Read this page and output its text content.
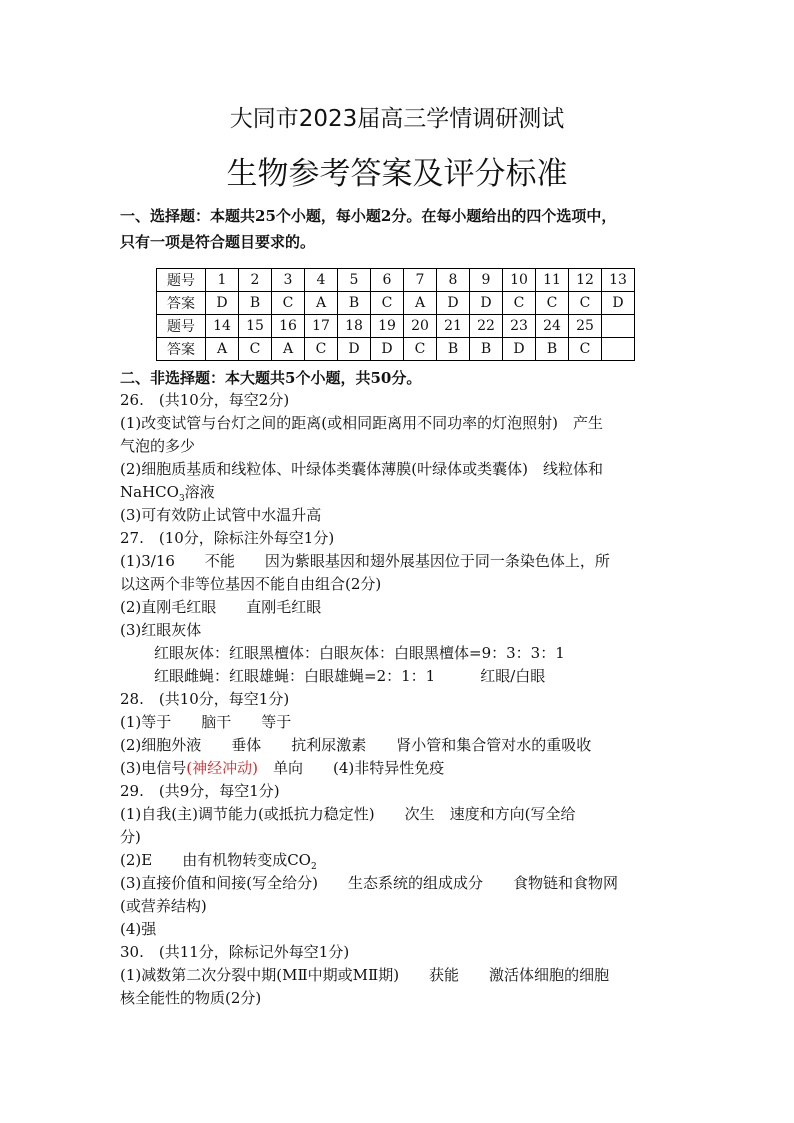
大同市2023届高三学情调研测试
生物参考答案及评分标准
一、选择题：本题共25个小题，每小题2分。在每小题给出的四个选项中，
只有一项是符合题目要求的。
题号	1	2	3	4	5	6	7	8	9	10	11	12	13
答案	D	B	C	A	B	C	A	D	D	C	C	C	D
题号	14	15	16	17	18	19	20	21	22	23	24	25	
答案	A	C	A	C	D	D	C	B	B	D	B	C	
二、非选择题：本大题共5个小题，共50分。
26.　(共10分，每空2分)
(1)改变试管与台灯之间的距离(或相同距离用不同功率的灯泡照射)　产生
气泡的多少
(2)细胞质基质和线粒体、叶绿体类囊体薄膜(叶绿体或类囊体)　线粒体和
NaHCO$_3$溶液
(3)可有效防止试管中水温升高
27.　(10分，除标注外每空1分)
(1)3/16　　不能　　因为紫眼基因和翅外展基因位于同一条染色体上，所
以这两个非等位基因不能自由组合(2分)
(2)直刚毛红眼　　直刚毛红眼
(3)红眼灰体
红眼灰体：红眼黑檀体：白眼灰体：白眼黑檀体=9：3：3：1
红眼雌蝇：红眼雄蝇：白眼雄蝇=2：1：1　　　红眼/白眼
28.　(共10分，每空1分)
(1)等于　　脑干　　等于
(2)细胞外液　　垂体　　抗利尿激素　　肾小管和集合管对水的重吸收
(3)电信号(神经冲动)　单向　　(4)非特异性免疫
29.　(共9分，每空1分)
(1)自我(主)调节能力(或抵抗力稳定性)　　次生　速度和方向(写全给
分)
(2)E　　由有机物转变成$CO_2$
(3)直接价值和间接(写全给分)　　生态系统的组成成分　　食物链和食物网
(或营养结构)
(4)强
30.　(共11分，除标记外每空1分)
(1)减数第二次分裂中期(MⅡ中期或MⅡ期)　　获能　　激活体细胞的细胞
核全能性的物质(2分)
